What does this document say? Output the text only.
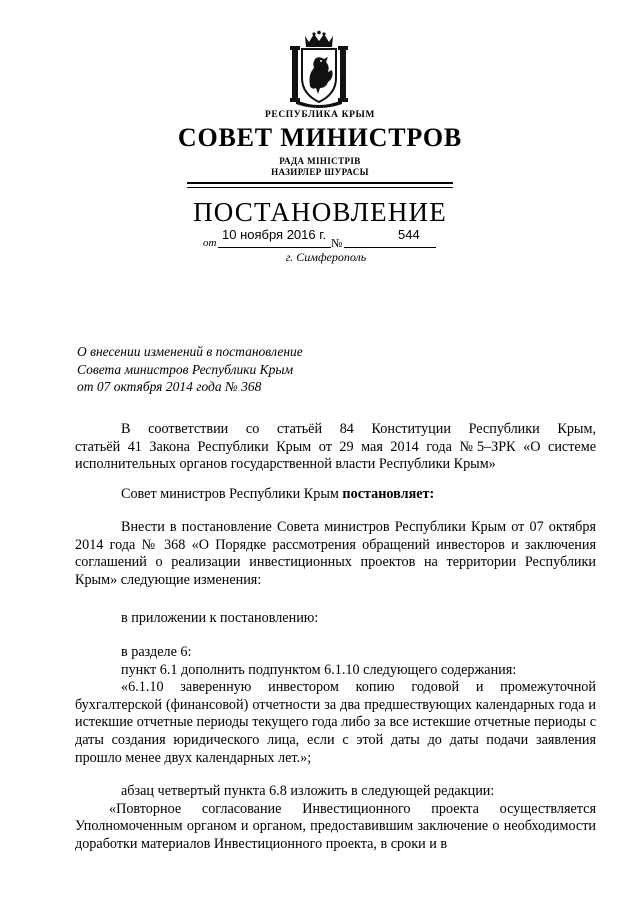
РЕСПУБЛИКА КРЫМ
СОВЕТ МИНИСТРОВ
РАДА МІНІСТРІВ
НАЗИРЛЕР ШУРАСЫ
ПОСТАНОВЛЕНИЕ
от
10 ноября 2016 г.
№
544
г. Симферополь
О внесении изменений в постановление
Совета министров Республики Крым
от 07 октября 2014 года № 368

В соответствии со статьёй 84 Конституции Республики Крым,

статьёй 41 Закона Республики Крым от 29 мая 2014 года №5–ЗРК «О системе исполнительных органов государственной власти Республики Крым»

Совет министров Республики Крым постановляет:

Внести в постановление Совета министров Республики Крым от 07 октября 2014 года № 368 «О Порядке рассмотрения обращений инвесторов и заключения соглашений о реализации инвестиционных проектов на территории Республики Крым» следующие изменения:

в приложении к постановлению:

в разделе 6:

пункт 6.1 дополнить подпунктом 6.1.10 следующего содержания:

«6.1.10 заверенную инвестором копию годовой и промежуточной бухгалтерской (финансовой) отчетности за два предшествующих календарных года и истекшие отчетные периоды текущего года либо за все истекшие отчетные периоды с даты создания юридического лица, если с этой даты до даты подачи заявления прошло менее двух календарных лет.»;

абзац четвертый пункта 6.8 изложить в следующей редакции:

«Повторное согласование Инвестиционного проекта осуществляется Уполномоченным органом и органом, предоставившим заключение о необходимости доработки материалов Инвестиционного проекта, в сроки и в
